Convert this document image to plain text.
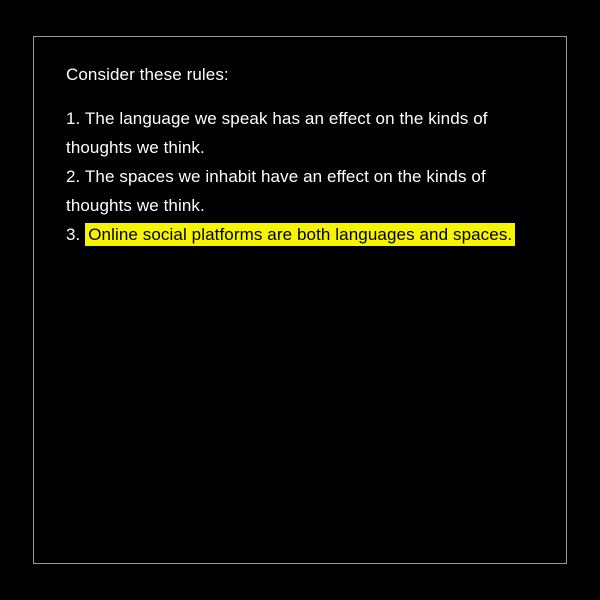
Consider these rules:

1. The language we speak has an effect on the kinds of thoughts we think.
2. The spaces we inhabit have an effect on the kinds of thoughts we think.
3. Online social platforms are both languages and spaces.
